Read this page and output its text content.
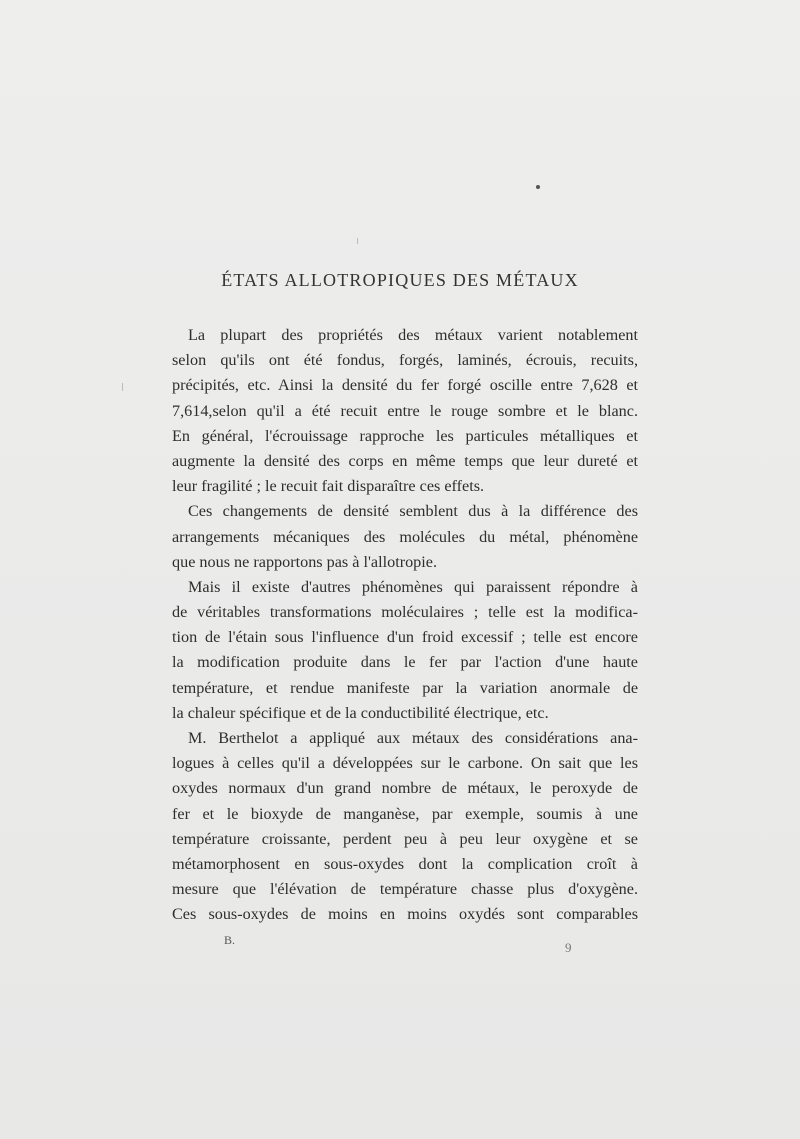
ÉTATS ALLOTROPIQUES DES MÉTAUX
La plupart des propriétés des métaux varient notablement
selon qu'ils ont été fondus, forgés, laminés, écrouis, recuits,
précipités, etc. Ainsi la densité du fer forgé oscille entre 7,628 et
7,614,selon qu'il a été recuit entre le rouge sombre et le blanc.
En général, l'écrouissage rapproche les particules métalliques et
augmente la densité des corps en même temps que leur dureté et
leur fragilité ; le recuit fait disparaître ces effets.
Ces changements de densité semblent dus à la différence des
arrangements mécaniques des molécules du métal, phénomène
que nous ne rapportons pas à l'allotropie.
Mais il existe d'autres phénomènes qui paraissent répondre à
de véritables transformations moléculaires ; telle est la modifica-
tion de l'étain sous l'influence d'un froid excessif ; telle est encore
la modification produite dans le fer par l'action d'une haute
température, et rendue manifeste par la variation anormale de
la chaleur spécifique et de la conductibilité électrique, etc.
M. Berthelot a appliqué aux métaux des considérations ana-
logues à celles qu'il a développées sur le carbone. On sait que les
oxydes normaux d'un grand nombre de métaux, le peroxyde de
fer et le bioxyde de manganèse, par exemple, soumis à une
température croissante, perdent peu à peu leur oxygène et se
métamorphosent en sous-oxydes dont la complication croît à
mesure que l'élévation de température chasse plus d'oxygène.
Ces sous-oxydes de moins en moins oxydés sont comparables
B.	9
